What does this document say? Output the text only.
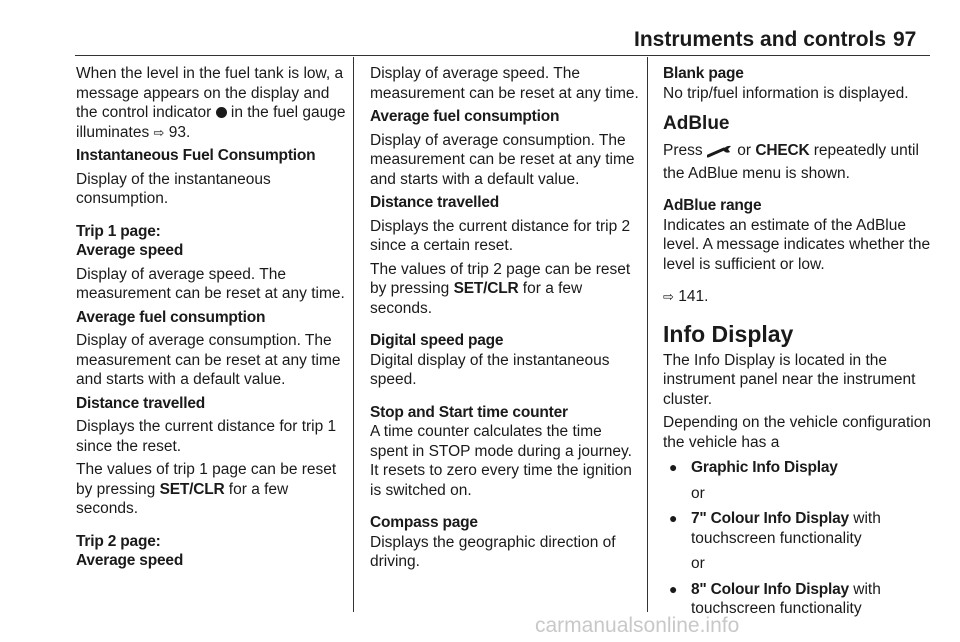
Instruments and controls 97

When the level in the fuel tank is low, a message appears on the display and the control indicator  in the fuel gauge illuminates ⇨ 93.

Instantaneous Fuel Consumption
Display of the instantaneous consumption.
Trip 1 page:
Average speed
Display of average speed. The measurement can be reset at any time.
Average fuel consumption
Display of average consumption. The measurement can be reset at any time and starts with a default value.
Distance travelled
Displays the current distance for trip 1 since the reset.

The values of trip 1 page can be reset by pressing SET/CLR for a few seconds.

Trip 2 page:
Average speed
Display of average speed. The measurement can be reset at any time.
Average fuel consumption
Display of average consumption. The measurement can be reset at any time and starts with a default value.
Distance travelled
Displays the current distance for trip 2 since a certain reset.

The values of trip 2 page can be reset by pressing SET/CLR for a few seconds.

Digital speed page
Digital display of the instantaneous speed.
Stop and Start time counter
A time counter calculates the time spent in STOP mode during a journey. It resets to zero every time the ignition is switched on.
Compass page
Displays the geographic direction of driving.
Blank page
No trip/fuel information is displayed.
AdBlue

Press  or CHECK repeatedly until the AdBlue menu is shown.

AdBlue range
Indicates an estimate of the AdBlue level. A message indicates whether the level is sufficient or low.
⇨ 141.
Info Display
The Info Display is located in the instrument panel near the instrument cluster.
Depending on the vehicle configuration the vehicle has a
● Graphic Info Display
or
● 7" Colour Info Display with touchscreen functionality
or
● 8" Colour Info Display with touchscreen functionality
carmanualsonline.info
